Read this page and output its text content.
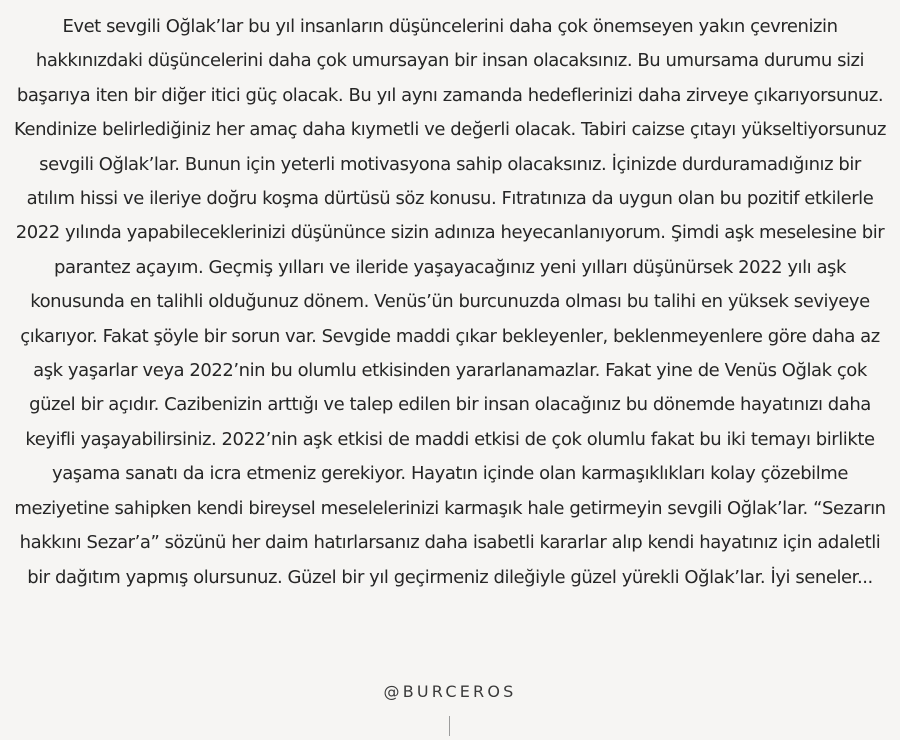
Evet sevgili Oğlak’lar bu yıl insanların düşüncelerini daha çok önemseyen yakın çevrenizin hakkınızdaki düşüncelerini daha çok umursayan bir insan olacaksınız. Bu umursama durumu sizi başarıya iten bir diğer itici güç olacak. Bu yıl aynı zamanda hedeflerinizi daha zirveye çıkarıyorsunuz. Kendinize belirlediğiniz her amaç daha kıymetli ve değerli olacak. Tabiri caizse çıtayı yükseltiyorsunuz sevgili Oğlak’lar. Bunun için yeterli motivasyona sahip olacaksınız. İçinizde durduramadığınız bir atılım hissi ve ileriye doğru koşma dürtüsü söz konusu. Fıtratınıza da uygun olan bu pozitif etkilerle 2022 yılında yapabileceklerinizi düşününce sizin adınıza heyecanlanıyorum. Şimdi aşk meselesine bir parantez açayım. Geçmiş yılları ve ileride yaşayacağınız yeni yılları düşünürsek 2022 yılı aşk konusunda en talihli olduğunuz dönem. Venüs’ün burcunuzda olması bu talihi en yüksek seviyeye çıkarıyor. Fakat şöyle bir sorun var. Sevgide maddi çıkar bekleyenler, beklenmeyenlere göre daha az aşk yaşarlar veya 2022’nin bu olumlu etkisinden yararlanamazlar. Fakat yine de Venüs Oğlak çok güzel bir açıdır. Cazibenizin arttığı ve talep edilen bir insan olacağınız bu dönemde hayatınızı daha keyifli yaşayabilirsiniz. 2022’nin aşk etkisi de maddi etkisi de çok olumlu fakat bu iki temayı birlikte yaşama sanatı da icra etmeniz gerekiyor. Hayatın içinde olan karmaşıklıkları kolay çözebilme meziyetine sahipken kendi bireysel meselelerinizi karmaşık hale getirmeyin sevgili Oğlak’lar. “Sezarın hakkını Sezar’a” sözünü her daim hatırlarsanız daha isabetli kararlar alıp kendi hayatınız için adaletli bir dağıtım yapmış olursunuz. Güzel bir yıl geçirmeniz dileğiyle güzel yürekli Oğlak’lar. İyi seneler...

@BURCEROS
